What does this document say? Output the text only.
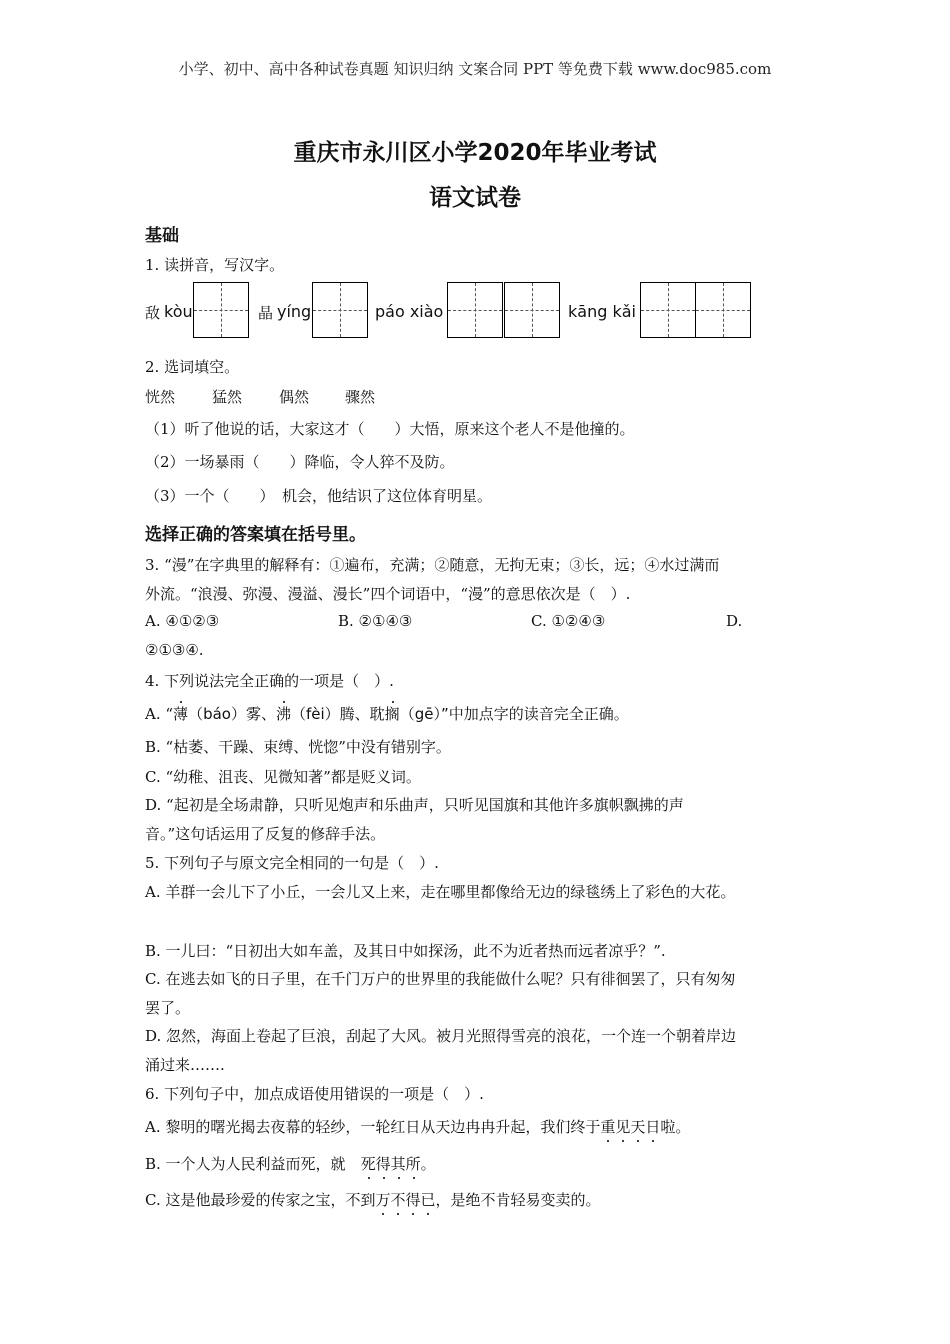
小学、初中、高中各种试卷真题 知识归纳 文案合同 PPT 等免费下载 www.doc985.com
重庆市永川区小学2020年毕业考试
语文试卷
基础
1. 读拼音，写汉字。
敌 kòu	晶 yíng	páo xiào	kāng kǎi
2. 选词填空。
恍然 猛然 偶然 骤然
（1）听了他说的话，大家这才（　　）大悟，原来这个老人不是他撞的。
（2）一场暴雨（　　）降临，令人猝不及防。
（3）一个（　　）　机会，他结识了这位体育明星。
选择正确的答案填在括号里。
3. “漫”在字典里的解释有：①遍布，充满；②随意，无拘无束；③长，远；④水过满而
外流。“浪漫、弥漫、漫溢、漫长”四个词语中，“漫”的意思依次是（　）.
A. ④①②③	B. ②①④③	C. ①②④③	D.
②①③④.
4. 下列说法完全正确的一项是（　）.
A. “薄
（báo）雾、沸
（fèi）腾、耽搁
（gē）”中加点字的读音完全正确。
B. “枯萎、干躁、束缚、恍惚”中没有错别字。
C. “幼稚、沮丧、见微知著”都是贬义词。
D. “起初是全场肃静，只听见炮声和乐曲声，只听见国旗和其他许多旗帜飘拂的声
音。”这句话运用了反复的修辞手法。
5. 下列句子与原文完全相同的一句是（　）.
A. 羊群一会儿下了小丘，一会儿又上来，走在哪里都像给无边的绿毯绣上了彩色的大花。
B. 一儿曰：“日初出大如车盖，及其日中如探汤，此不为近者热而远者凉乎？”.
C. 在逃去如飞的日子里，在千门万户的世界里的我能做什么呢？只有徘徊罢了，只有匆匆
罢了。
D. 忽然，海面上卷起了巨浪，刮起了大风。被月光照得雪亮的浪花，一个连一个朝着岸边
涌过来…….
6. 下列句子中，加点成语使用错误的一项是（　）.
A. 黎明的曙光揭去夜幕的轻纱，一轮红日从天边冉冉升起，我们终于重见天日
啦。
B. 一个人为人民利益而死，就　死得其所
。
C. 这是他最珍爱的传家之宝，不到万不得已
，是绝不肯轻易变卖的。
